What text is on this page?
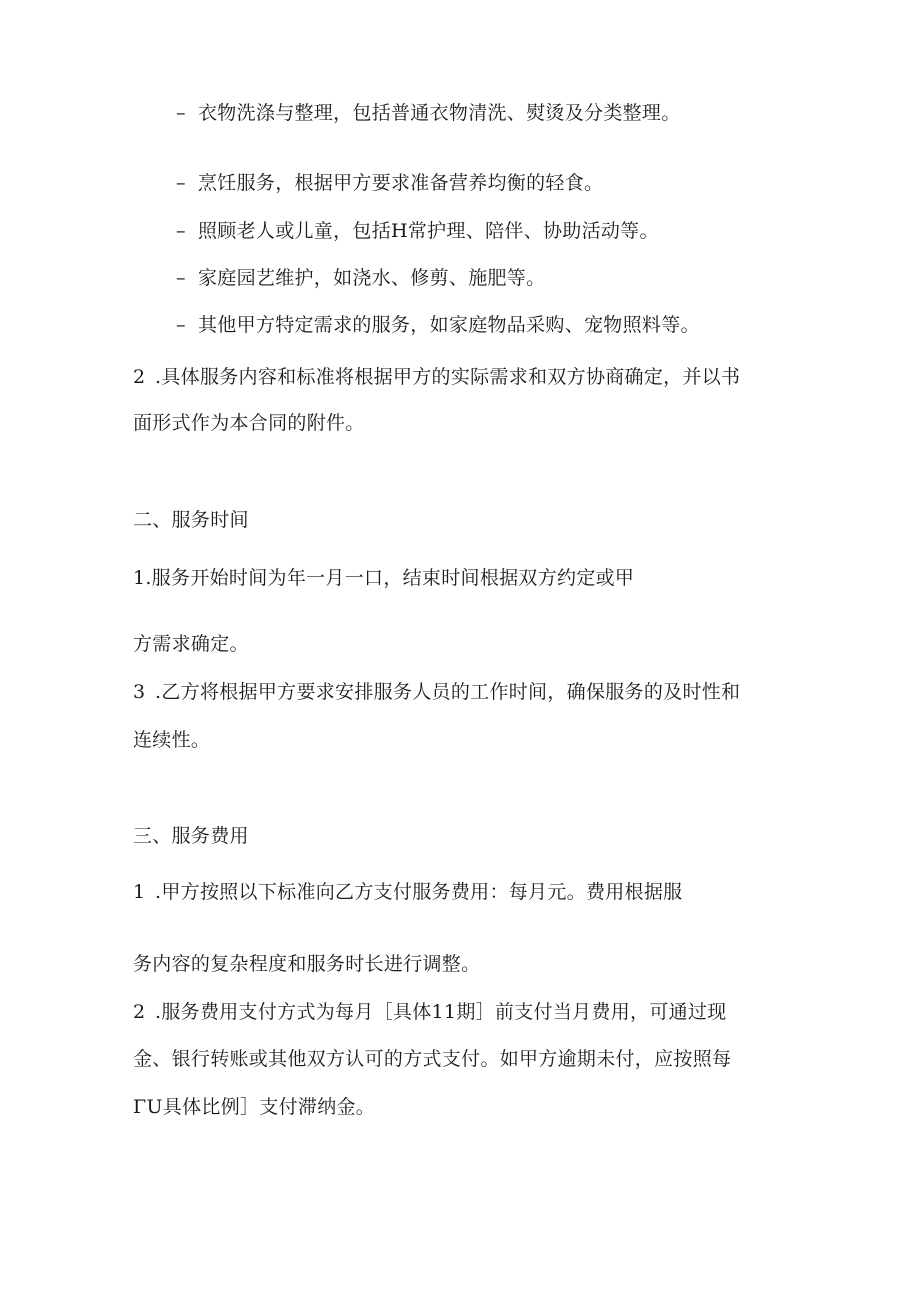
– 衣物洗涤与整理，包括普通衣物清洗、熨烫及分类整理。
– 烹饪服务，根据甲方要求准备营养均衡的轻食。
– 照顾老人或儿童，包括H常护理、陪伴、协助活动等。
– 家庭园艺维护，如浇水、修剪、施肥等。
– 其他甲方特定需求的服务，如家庭物品采购、宠物照料等。
2 .具体服务内容和标准将根据甲方的实际需求和双方协商确定，并以书
面形式作为本合同的附件。
二、服务时间
1.服务开始时间为年一月一口，结束时间根据双方约定或甲
方需求确定。
3 .乙方将根据甲方要求安排服务人员的工作时间，确保服务的及时性和
连续性。
三、服务费用
1 .甲方按照以下标准向乙方支付服务费用：每月元。费用根据服
务内容的复杂程度和服务时长进行调整。
2 .服务费用支付方式为每月［具体11期］前支付当月费用，可通过现
金、银行转账或其他双方认可的方式支付。如甲方逾期未付，应按照每
ΓU具体比例］支付滞纳金。
